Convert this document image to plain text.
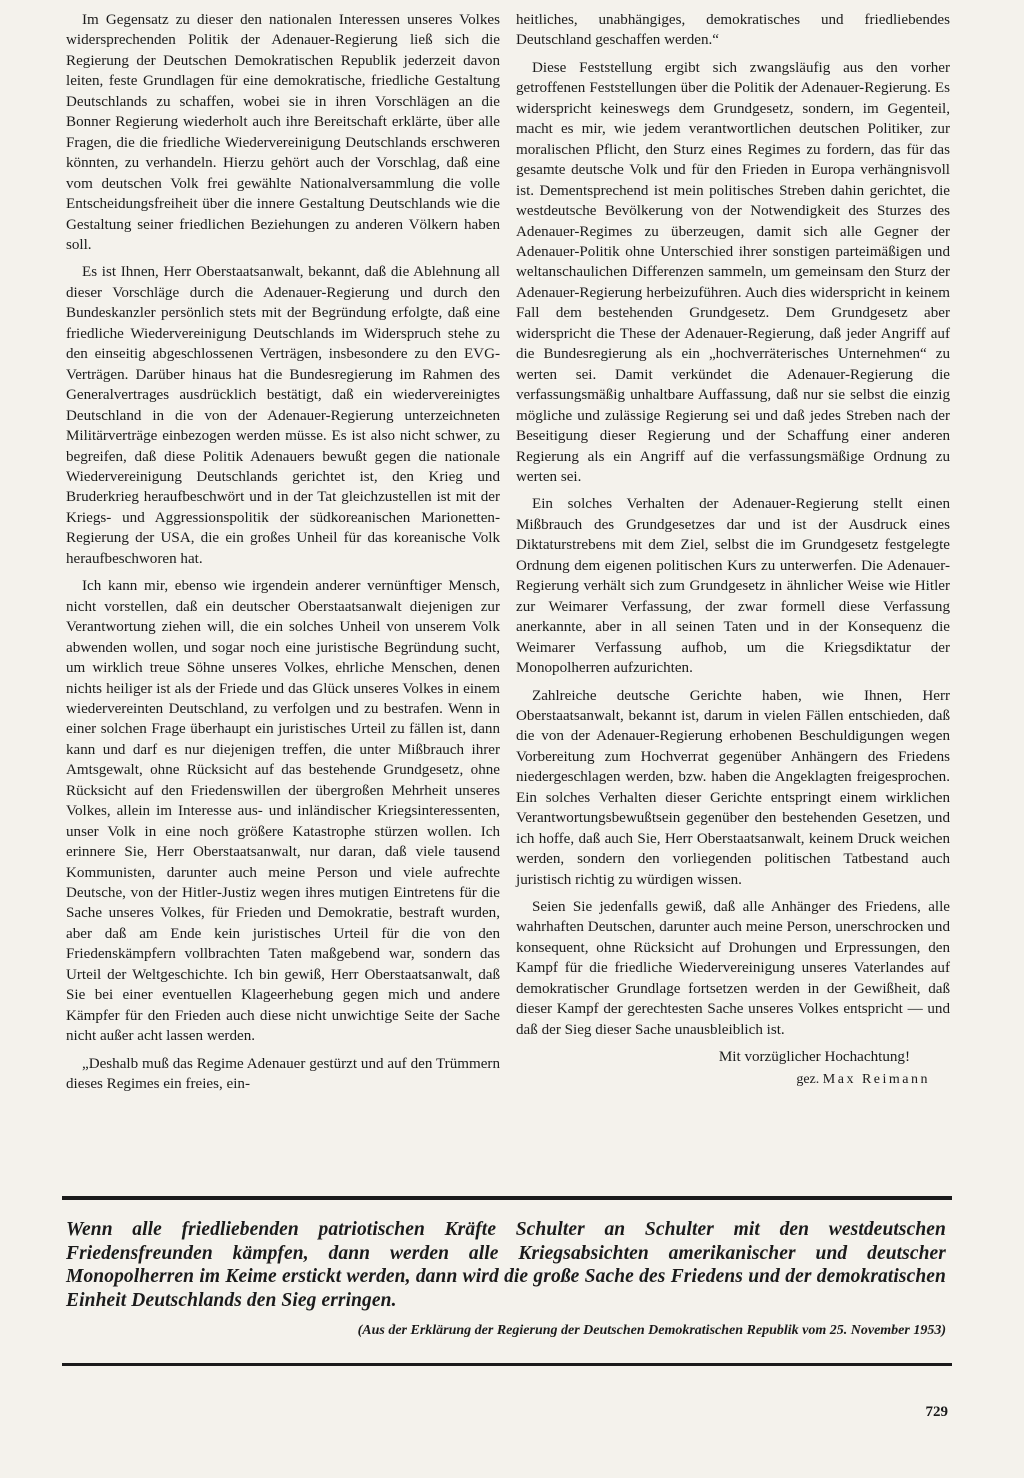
Im Gegensatz zu dieser den nationalen Interessen unseres Volkes widersprechenden Politik der Adenauer-Regierung ließ sich die Regierung der Deutschen Demokratischen Republik jederzeit davon leiten, feste Grundlagen für eine demokratische, friedliche Gestaltung Deutschlands zu schaffen, wobei sie in ihren Vorschlägen an die Bonner Regierung wiederholt auch ihre Bereitschaft erklärte, über alle Fragen, die die friedliche Wiedervereinigung Deutschlands erschweren könnten, zu verhandeln. Hierzu gehört auch der Vorschlag, daß eine vom deutschen Volk frei gewählte Nationalversammlung die volle Entscheidungsfreiheit über die innere Gestaltung Deutschlands wie die Gestaltung seiner friedlichen Beziehungen zu anderen Völkern haben soll.

Es ist Ihnen, Herr Oberstaatsanwalt, bekannt, daß die Ablehnung all dieser Vorschläge durch die Adenauer-Regierung und durch den Bundeskanzler persönlich stets mit der Begründung erfolgte, daß eine friedliche Wiedervereinigung Deutschlands im Widerspruch stehe zu den einseitig abgeschlossenen Verträgen, insbesondere zu den EVG-Verträgen. Darüber hinaus hat die Bundesregierung im Rahmen des Generalvertrages ausdrücklich bestätigt, daß ein wiedervereinigtes Deutschland in die von der Adenauer-Regierung unterzeichneten Militärverträge einbezogen werden müsse. Es ist also nicht schwer, zu begreifen, daß diese Politik Adenauers bewußt gegen die nationale Wiedervereinigung Deutschlands gerichtet ist, den Krieg und Bruderkrieg heraufbeschwört und in der Tat gleichzustellen ist mit der Kriegs- und Aggressionspolitik der südkoreanischen Marionetten-Regierung der USA, die ein großes Unheil für das koreanische Volk heraufbeschworen hat.

Ich kann mir, ebenso wie irgendein anderer vernünftiger Mensch, nicht vorstellen, daß ein deutscher Oberstaatsanwalt diejenigen zur Verantwortung ziehen will, die ein solches Unheil von unserem Volk abwenden wollen, und sogar noch eine juristische Begründung sucht, um wirklich treue Söhne unseres Volkes, ehrliche Menschen, denen nichts heiliger ist als der Friede und das Glück unseres Volkes in einem wiedervereinten Deutschland, zu verfolgen und zu bestrafen. Wenn in einer solchen Frage überhaupt ein juristisches Urteil zu fällen ist, dann kann und darf es nur diejenigen treffen, die unter Mißbrauch ihrer Amtsgewalt, ohne Rücksicht auf das bestehende Grundgesetz, ohne Rücksicht auf den Friedenswillen der übergroßen Mehrheit unseres Volkes, allein im Interesse aus- und inländischer Kriegsinteressenten, unser Volk in eine noch größere Katastrophe stürzen wollen. Ich erinnere Sie, Herr Oberstaatsanwalt, nur daran, daß viele tausend Kommunisten, darunter auch meine Person und viele aufrechte Deutsche, von der Hitler-Justiz wegen ihres mutigen Eintretens für die Sache unseres Volkes, für Frieden und Demokratie, bestraft wurden, aber daß am Ende kein juristisches Urteil für die von den Friedenskämpfern vollbrachten Taten maßgebend war, sondern das Urteil der Weltgeschichte. Ich bin gewiß, Herr Oberstaatsanwalt, daß Sie bei einer eventuellen Klageerhebung gegen mich und andere Kämpfer für den Frieden auch diese nicht unwichtige Seite der Sache nicht außer acht lassen werden.

„Deshalb muß das Regime Adenauer gestürzt und auf den Trümmern dieses Regimes ein freies, ein-

heitliches, unabhängiges, demokratisches und friedliebendes Deutschland geschaffen werden.“

Diese Feststellung ergibt sich zwangsläufig aus den vorher getroffenen Feststellungen über die Politik der Adenauer-Regierung. Es widerspricht keineswegs dem Grundgesetz, sondern, im Gegenteil, macht es mir, wie jedem verantwortlichen deutschen Politiker, zur moralischen Pflicht, den Sturz eines Regimes zu fordern, das für das gesamte deutsche Volk und für den Frieden in Europa verhängnisvoll ist. Dementsprechend ist mein politisches Streben dahin gerichtet, die westdeutsche Bevölkerung von der Notwendigkeit des Sturzes des Adenauer-Regimes zu überzeugen, damit sich alle Gegner der Adenauer-Politik ohne Unterschied ihrer sonstigen parteimäßigen und weltanschaulichen Differenzen sammeln, um gemeinsam den Sturz der Adenauer-Regierung herbeizuführen. Auch dies widerspricht in keinem Fall dem bestehenden Grundgesetz. Dem Grundgesetz aber widerspricht die These der Adenauer-Regierung, daß jeder Angriff auf die Bundesregierung als ein „hochverräterisches Unternehmen“ zu werten sei. Damit verkündet die Adenauer-Regierung die verfassungsmäßig unhaltbare Auffassung, daß nur sie selbst die einzig mögliche und zulässige Regierung sei und daß jedes Streben nach der Beseitigung dieser Regierung und der Schaffung einer anderen Regierung als ein Angriff auf die verfassungsmäßige Ordnung zu werten sei.

Ein solches Verhalten der Adenauer-Regierung stellt einen Mißbrauch des Grundgesetzes dar und ist der Ausdruck eines Diktaturstrebens mit dem Ziel, selbst die im Grundgesetz festgelegte Ordnung dem eigenen politischen Kurs zu unterwerfen. Die Adenauer-Regierung verhält sich zum Grundgesetz in ähnlicher Weise wie Hitler zur Weimarer Verfassung, der zwar formell diese Verfassung anerkannte, aber in all seinen Taten und in der Konsequenz die Weimarer Verfassung aufhob, um die Kriegsdiktatur der Monopolherren aufzurichten.

Zahlreiche deutsche Gerichte haben, wie Ihnen, Herr Oberstaatsanwalt, bekannt ist, darum in vielen Fällen entschieden, daß die von der Adenauer-Regierung erhobenen Beschuldigungen wegen Vorbereitung zum Hochverrat gegenüber Anhängern des Friedens niedergeschlagen werden, bzw. haben die Angeklagten freigesprochen. Ein solches Verhalten dieser Gerichte entspringt einem wirklichen Verantwortungsbewußtsein gegenüber den bestehenden Gesetzen, und ich hoffe, daß auch Sie, Herr Oberstaatsanwalt, keinem Druck weichen werden, sondern den vorliegenden politischen Tatbestand auch juristisch richtig zu würdigen wissen.

Seien Sie jedenfalls gewiß, daß alle Anhänger des Friedens, alle wahrhaften Deutschen, darunter auch meine Person, unerschrocken und konsequent, ohne Rücksicht auf Drohungen und Erpressungen, den Kampf für die friedliche Wiedervereinigung unseres Vaterlandes auf demokratischer Grundlage fortsetzen werden in der Gewißheit, daß dieser Kampf der gerechtesten Sache unseres Volkes entspricht — und daß der Sieg dieser Sache unausbleiblich ist.

Mit vorzüglicher Hochachtung!

gez. Max Reimann

Wenn alle friedliebenden patriotischen Kräfte Schulter an Schulter mit den westdeutschen Friedensfreunden kämpfen, dann werden alle Kriegsabsichten amerikanischer und deutscher Monopolherren im Keime erstickt werden, dann wird die große Sache des Friedens und der demokratischen Einheit Deutschlands den Sieg erringen.
(Aus der Erklärung der Regierung der Deutschen Demokratischen Republik vom 25. November 1953)
729
